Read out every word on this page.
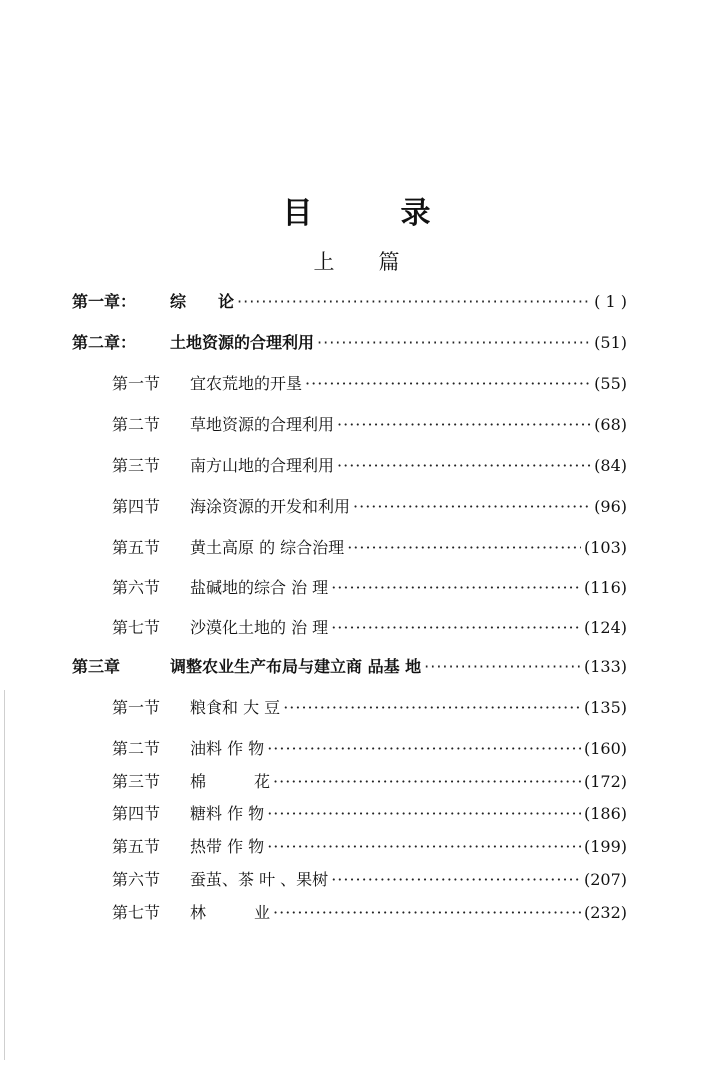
目录
上篇
第一章：	综　　论 ·····	( 1 )
第二章：	土地资源的合理利用 ·····	(51)
第一节	宜农荒地的开垦 ·····	(55)
第二节	草地资源的合理利用 ·····	(68)
第三节	南方山地的合理利用 ·····	(84)
第四节	海涂资源的开发和利用 ·····	(96)
第五节	黄土高原 的 综合治理 ·····	(103)
第六节	盐碱地的综合 治 理 ·····	(116)
第七节	沙漠化土地的 治 理 ·····	(124)
第三章	调整农业生产布局与建立商 品基 地 ·····	(133)
第一节	粮食和 大 豆 ·····	(135)
第二节	油料 作 物 ·····	(160)
第三节	棉　　　花 ·····	(172)
第四节	糖料 作 物 ·····	(186)
第五节	热带 作 物 ·····	(199)
第六节	蚕茧、茶 叶 、果树 ·····	(207)
第七节	林　　　业 ·····	(232)
